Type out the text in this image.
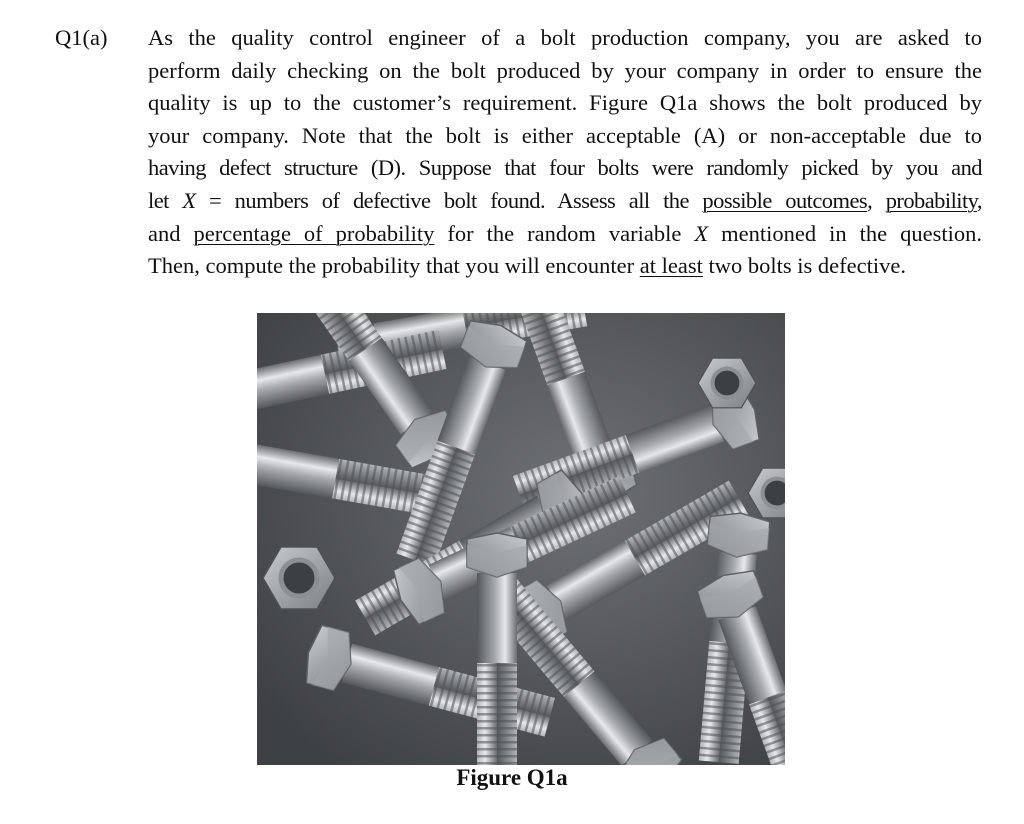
Q1(a) As the quality control engineer of a bolt production company, you are asked to
perform daily checking on the bolt produced by your company in order to ensure the
quality is up to the customer’s requirement. Figure Q1a shows the bolt produced by
your company. Note that the bolt is either acceptable (A) or non-acceptable due to
having defect structure (D). Suppose that four bolts were randomly picked by you and
let X = numbers of defective bolt found. Assess all the possible outcomes, probability,
and percentage of probability for the random variable X mentioned in the question.
Then, compute the probability that you will encounter at least two bolts is defective.
Figure Q1a
